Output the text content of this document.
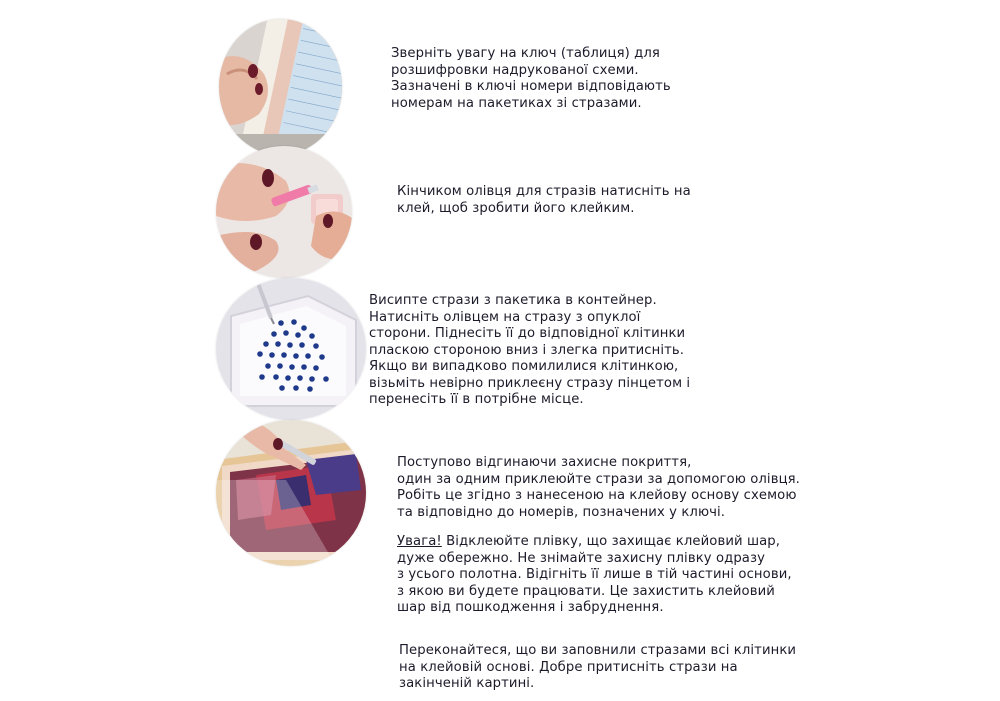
Зверніть увагу на ключ (таблиця) для
розшифровки надрукованої схеми.
Зазначені в ключі номери відповідають
номерам на пакетиках зі стразами.
Кінчиком олівця для стразів натисніть на
клей, щоб зробити його клейким.
Висипте стрази з пакетика в контейнер.
Натисніть олівцем на стразу з опуклої
сторони. Піднесіть її до відповідної клітинки
пласкою стороною вниз і злегка притисніть.
Якщо ви випадково помилилися клітинкою,
візьміть невірно приклеєну стразу пінцетом і
перенесіть її в потрібне місце.
Поступово відгинаючи захисне покриття,
один за одним приклеюйте стрази за допомогою олівця.
Робіть це згідно з нанесеною на клейову основу схемою
та відповідно до номерів, позначених у ключі.
Увага! Відклеюйте плівку, що захищає клейовий шар,
дуже обережно. Не знімайте захисну плівку одразу
з усього полотна. Відігніть її лише в тій частині основи,
з якою ви будете працювати. Це захистить клейовий
шар від пошкодження і забруднення.
Переконайтеся, що ви заповнили стразами всі клітинки
на клейовій основі. Добре притисніть стрази на
закінченій картині.
